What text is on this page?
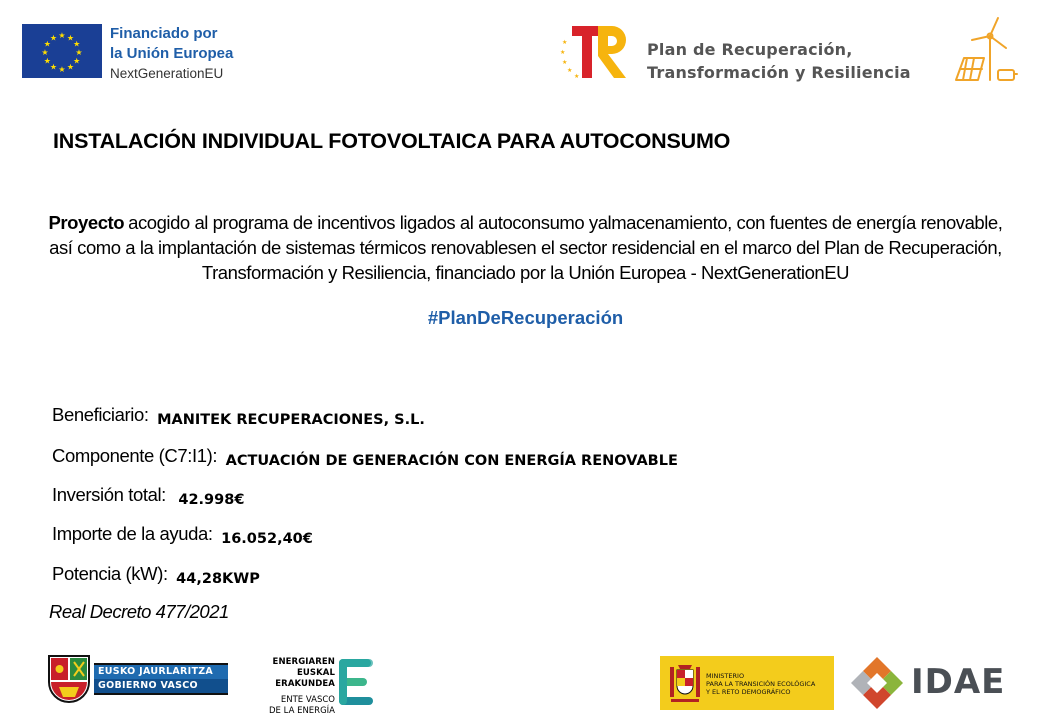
★ ★
★
★
★
★
★
★
★
★
★
★	Financiado por
la Unión Europea
NextGenerationEU
★
★
★
★
★
Plan de Recuperación,
Transformación y Resiliencia
INSTALACIÓN INDIVIDUAL FOTOVOLTAICA PARA AUTOCONSUMO
Proyecto acogido al programa de incentivos ligados al autoconsumo yalmacenamiento, con fuentes de energía renovable, así como a la implantación de sistemas térmicos renovablesen el sector residencial en el marco del Plan de Recuperación, Transformación y Resiliencia, financiado por la Unión Europea - NextGenerationEU
#PlanDeRecuperación
Beneficiario: MANITEK RECUPERACIONES, S.L.
Componente (C7:I1): ACTUACIÓN DE GENERACIÓN CON ENERGÍA RENOVABLE
Inversión total: 42.998€
Importe de la ayuda: 16.052,40€
Potencia (kW): 44,28KWP
Real Decreto 477/2021
EUSKO JAURLARITZA
GOBIERNO VASCO
ENERGIAREN
EUSKAL ERAKUNDEA
ENTE VASCO
DE LA ENERGÍA
MINISTERIO
PARA LA TRANSICIÓN ECOLÓGICA
Y EL RETO DEMOGRÁFICO	IDAE
